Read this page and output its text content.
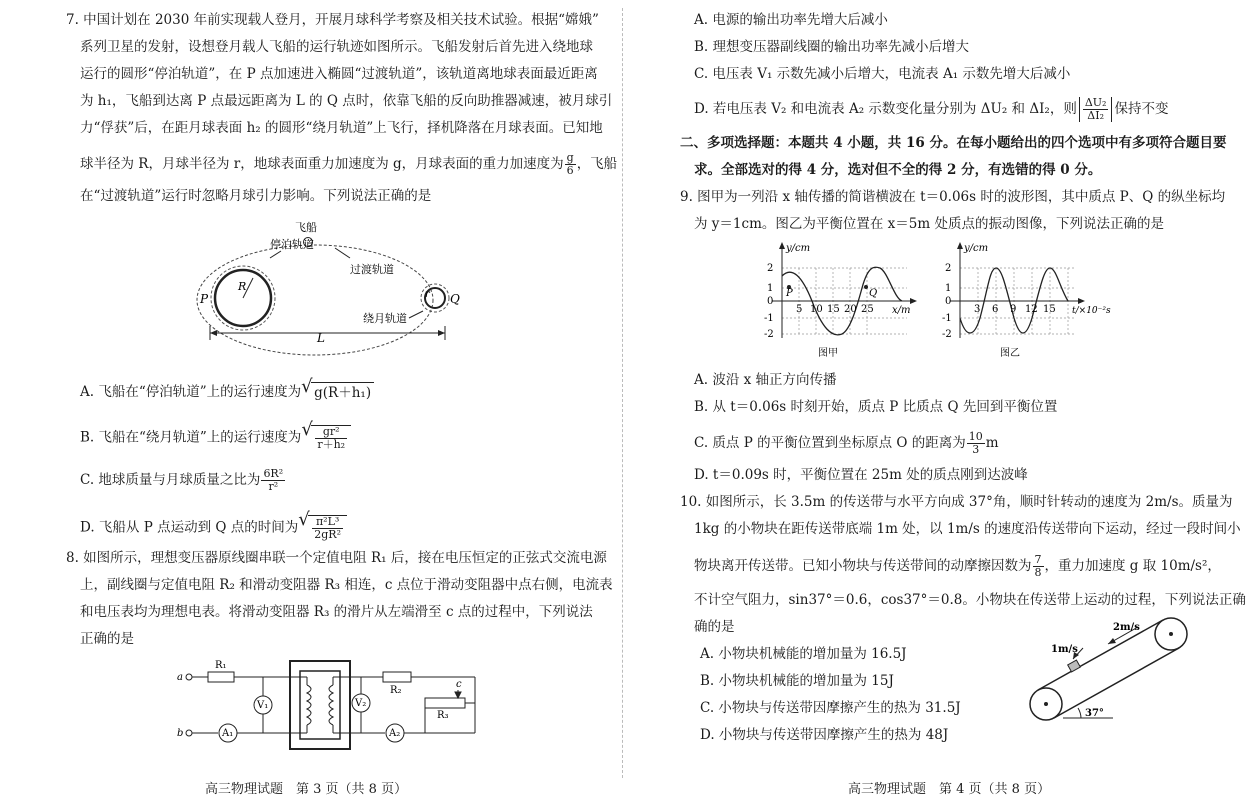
7. 中国计划在 2030 年前实现载人登月，开展月球科学考察及相关技术试验。根据“嫦娥”
系列卫星的发射，设想登月载人飞船的运行轨迹如图所示。飞船发射后首先进入绕地球
运行的圆形“停泊轨道”，在 P 点加速进入椭圆“过渡轨道”，该轨道离地球表面最近距离
为 h₁，飞船到达离 P 点最远距离为 L 的 Q 点时，依靠飞船的反向助推器减速，被月球引
力“俘获”后，在距月球表面 h₂ 的圆形“绕月轨道”上飞行，择机降落在月球表面。已知地
球半径为 R，月球半径为 r，地球表面重力加速度为 g，月球表面的重力加速度为 $\frac{g}{6}$ ，飞船
在“过渡轨道”运行时忽略月球引力影响。下列说法正确的是
飞船
停泊轨道
过渡轨道
绕月轨道
P	Q
R
r
L
A. 飞船在“停泊轨道”上的运行速度为 √ g(R＋h₁)
B. 飞船在“绕月轨道”上的运行速度为 √ $\frac{\text{gr²}}{\text{r＋h₂}}$
C. 地球质量与月球质量之比为 $\frac{\text{6R²}}{\text{r²}}$
D. 飞船从 P 点运动到 Q 点的时间为 √ $\frac{\text{π²L³}}{\text{2gR²}}$
8. 如图所示，理想变压器原线圈串联一个定值电阻 R₁ 后，接在电压恒定的正弦式交流电源
上，副线圈与定值电阻 R₂ 和滑动变阻器 R₃ 相连，c 点位于滑动变阻器中点右侧，电流表
和电压表均为理想电表。将滑动变阻器 R₃ 的滑片从左端滑至 c 点的过程中，下列说法
正确的是
a
b
R₁
V₁
A₁
V₂
A₂
R₂
R₃
c
高三物理试题　第 3 页（共 8 页）
A. 电源的输出功率先增大后减小
B. 理想变压器副线圈的输出功率先减小后增大
C. 电压表 V₁ 示数先减小后增大，电流表 A₁ 示数先增大后减小
D. 若电压表 V₂ 和电流表 A₂ 示数变化量分别为 ΔU₂ 和 ΔI₂，则 $\frac{\text{ΔU₂}}{\text{ΔI₂}}$ 保持不变
二、多项选择题：本题共 4 小题，共 16 分。在每小题给出的四个选项中有多项符合题目要
求。全部选对的得 4 分，选对但不全的得 2 分，有选错的得 0 分。
9. 图甲为一列沿 x 轴传播的简谐横波在 t＝0.06s 时的波形图，其中质点 P、Q 的纵坐标均
为 y＝1cm。图乙为平衡位置在 x＝5m 处质点的振动图像，下列说法正确的是
y/cm
x/m
2
1
0
-1
-2
5 10 15 20 25
P	Q
图甲
y/cm
t/×10⁻²s
2
1
0
-1
-2
3 6 9 12 15
图乙
A. 波沿 x 轴正方向传播
B. 从 t＝0.06s 时刻开始，质点 P 比质点 Q 先回到平衡位置
C. 质点 P 的平衡位置到坐标原点 O 的距离为 $\frac{10}{3}$ m
D. t＝0.09s 时，平衡位置在 25m 处的质点刚到达波峰
10. 如图所示，长 3.5m 的传送带与水平方向成 37°角，顺时针转动的速度为 2m/s。质量为
1kg 的小物块在距传送带底端 1m 处，以 1m/s 的速度沿传送带向下运动，经过一段时间小
物块离开传送带。已知小物块与传送带间的动摩擦因数为 $\frac{7}{8}$ ，重力加速度 g 取 10m/s²，
不计空气阻力，sin37°＝0.6，cos37°＝0.8。小物块在传送带上运动的过程，下列说法正确
确的是
A. 小物块机械能的增加量为 16.5J
B. 小物块机械能的增加量为 15J
C. 小物块与传送带因摩擦产生的热为 31.5J
D. 小物块与传送带因摩擦产生的热为 48J
1m/s
2m/s
37°
高三物理试题　第 4 页（共 8 页）
